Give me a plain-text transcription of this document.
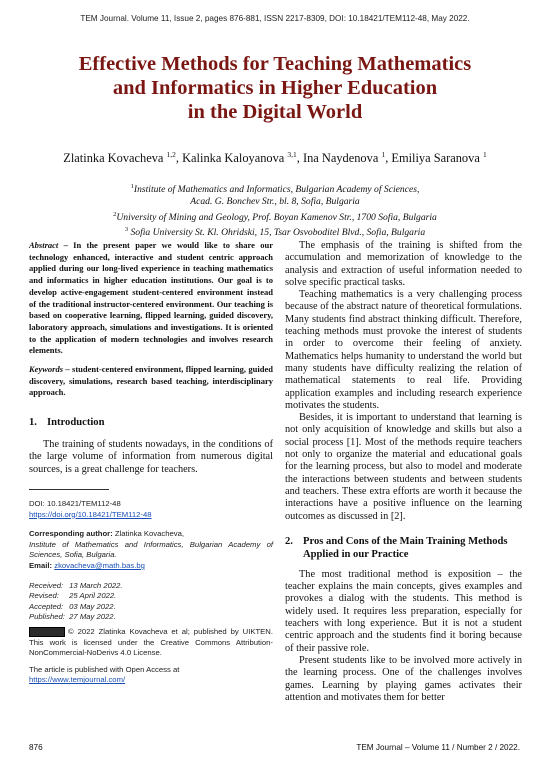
TEM Journal. Volume 11, Issue 2, pages 876-881, ISSN 2217-8309, DOI: 10.18421/TEM112-48, May 2022.
Effective Methods for Teaching Mathematics
and Informatics in Higher Education
in the Digital World
Zlatinka Kovacheva $^{1,2}$, Kalinka Kaloyanova $^{3,1}$, Ina Naydenova $^1$, Emiliya Saranova $^1$
$^1$Institute of Mathematics and Informatics, Bulgarian Academy of Sciences,
Acad. G. Bonchev Str., bl. 8, Sofia, Bulgaria
$^2$University of Mining and Geology, Prof. Boyan Kamenov Str., 1700 Sofia, Bulgaria
$^3$ Sofia University St. Kl. Ohridski, 15, Tsar Osvoboditel Blvd., Sofia, Bulgaria
Abstract – In the present paper we would like to share our technology enhanced, interactive and student centric approach applied during our long-lived experience in teaching mathematics and informatics in higher education institutions. Our goal is to develop active-engagement student-centered environment instead of the traditional instructor-centered environment. Our teaching is based on cooperative learning, flipped learning, guided discovery, laboratory approach, simulations and investigations. It is oriented to the application of modern technologies and involves research elements.
Keywords – student-centered environment, flipped learning, guided discovery, simulations, research based teaching, interdisciplinary approach.
1. Introduction

The training of students nowadays, in the conditions of the large volume of information from numerous digital sources, is a great challenge for teachers.

DOI: 10.18421/TEM112-48
https://doi.org/10.18421/TEM112-48
Corresponding author: Zlatinka Kovacheva,
Institute of Mathematics and Informatics, Bulgarian Academy of Sciences, Sofia, Bulgaria.
Email: zkovacheva@math.bas.bg
Received: 13 March 2022.
Revised: 25 April 2022.
Accepted: 03 May 2022.
Published: 27 May 2022.
© 2022 Zlatinka Kovacheva et al; published by UIKTEN. This work is licensed under the Creative Commons Attribution-NonCommercial-NoDerivs 4.0 License.
The article is published with Open Access at
https://www.temjournal.com/

The emphasis of the training is shifted from the accumulation and memorization of knowledge to the analysis and extraction of useful information needed to solve specific practical tasks.

Teaching mathematics is a very challenging process because of the abstract nature of theoretical formulations. Many students find abstract thinking difficult. Therefore, teaching methods must provoke the interest of students in order to overcome their feeling of anxiety. Mathematics helps humanity to understand the world but many students have difficulty realizing the relation of mathematical statements to real life. Providing application examples and including research experience motivates the students.

Besides, it is important to understand that learning is not only acquisition of knowledge and skills but also a social process [1]. Most of the methods require teachers not only to organize the material and educational goals for the learning process, but also to model and moderate the interactions between students and between students and teachers. These extra efforts are worth it because the interactions have a positive influence on the learning outcomes as discussed in [2].

2. Pros and Cons of the Main Training Methods Applied in our Practice

The most traditional method is exposition – the teacher explains the main concepts, gives examples and provokes a dialog with the students. This method is widely used. It requires less preparation, especially for teachers with long experience. But it is not a student centric approach and the students find it boring because of their passive role.

Present students like to be involved more actively in the learning process. One of the challenges involves games. Learning by playing games activates their attention and motivates them for better

876	TEM Journal – Volume 11 / Number 2 / 2022.
